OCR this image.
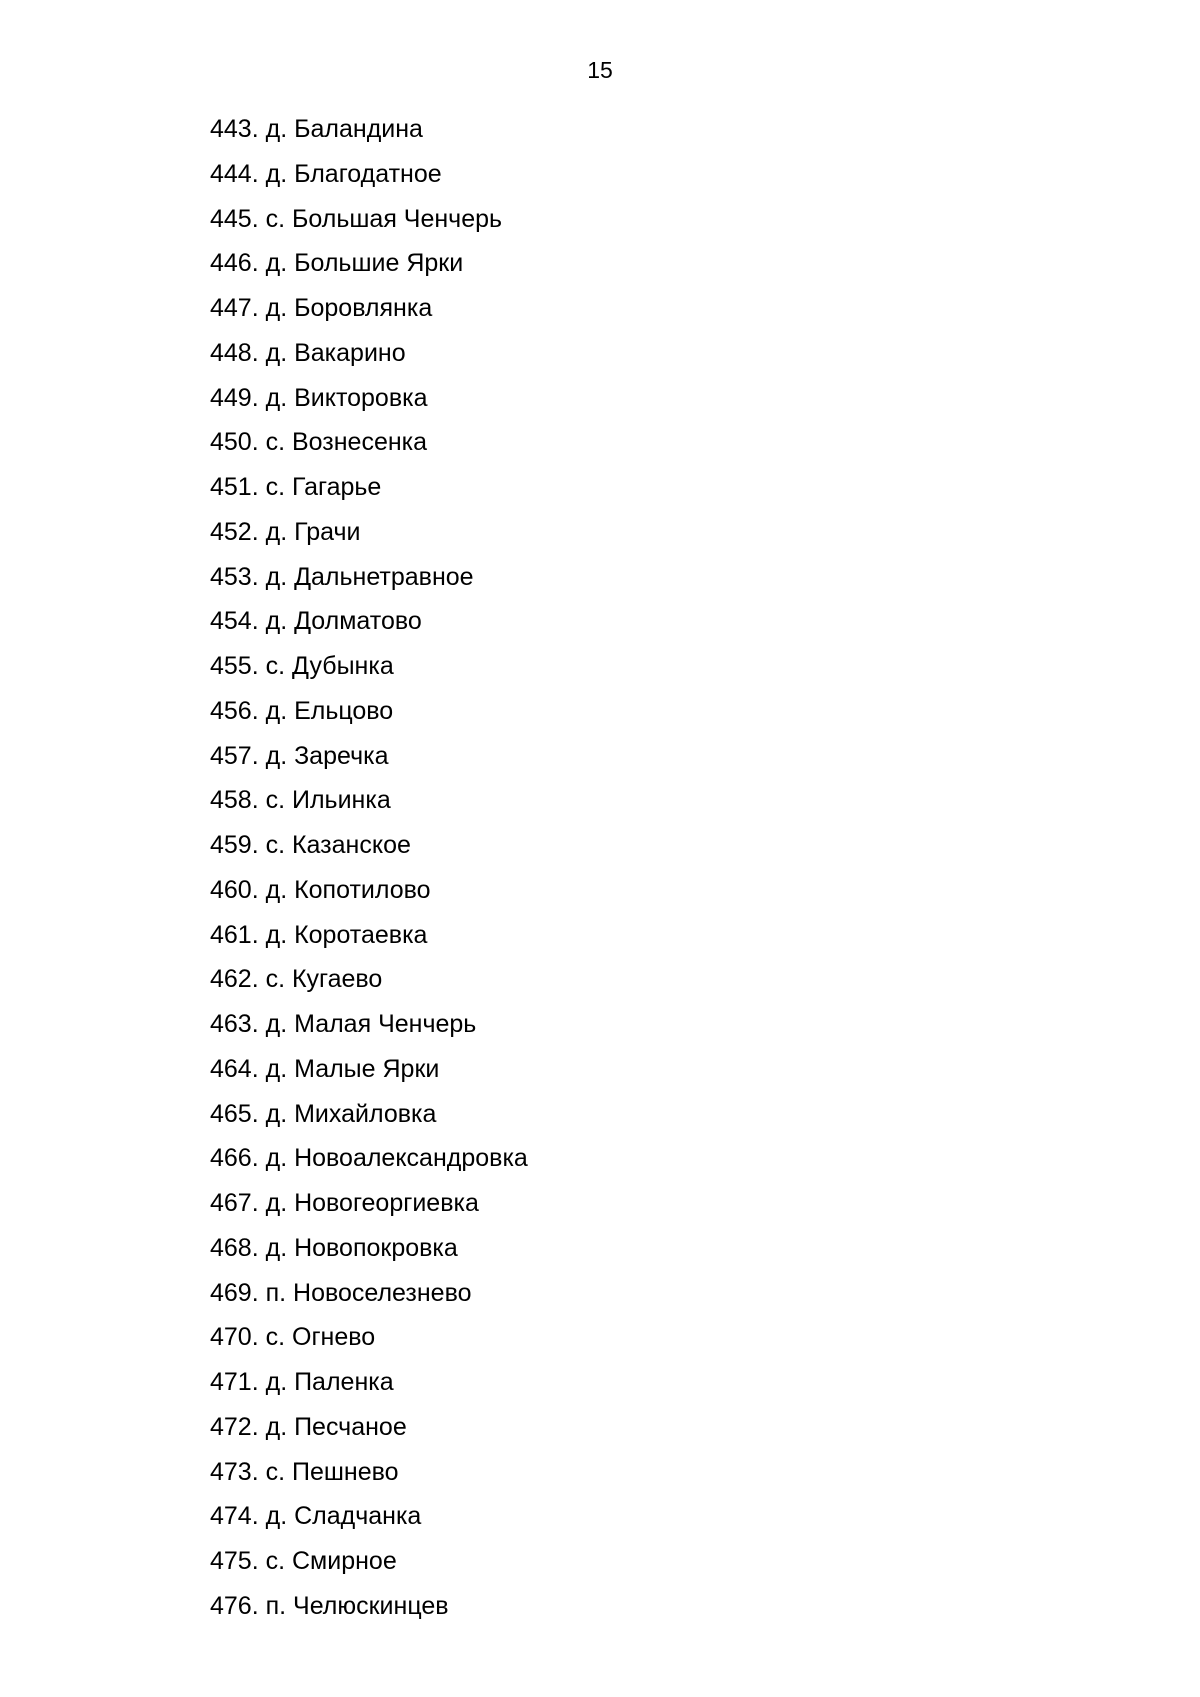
15
443. д. Баландина
444. д. Благодатное
445. с. Большая Ченчерь
446. д. Большие Ярки
447. д. Боровлянка
448. д. Вакарино
449. д. Викторовка
450. с. Вознесенка
451. с. Гагарье
452. д. Грачи
453. д. Дальнетравное
454. д. Долматово
455. с. Дубынка
456. д. Ельцово
457. д. Заречка
458. с. Ильинка
459. с. Казанское
460. д. Копотилово
461. д. Коротаевка
462. с. Кугаево
463. д. Малая Ченчерь
464. д. Малые Ярки
465. д. Михайловка
466. д. Новоалександровка
467. д. Новогеоргиевка
468. д. Новопокровка
469. п. Новоселезнево
470. с. Огнево
471. д. Паленка
472. д. Песчаное
473. с. Пешнево
474. д. Сладчанка
475. с. Смирное
476. п. Челюскинцев
